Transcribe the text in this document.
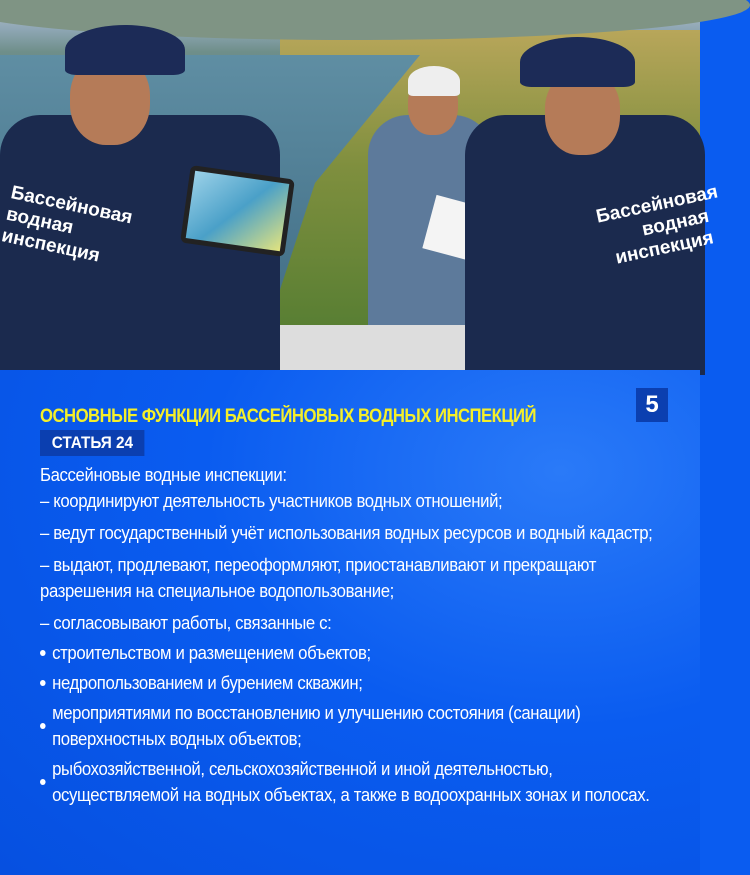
Бассейновая водная инспекция
Бассейновая водная инспекция
5
ОСНОВНЫЕ ФУНКЦИИ БАССЕЙНОВЫХ ВОДНЫХ ИНСПЕКЦИЙ
СТАТЬЯ 24
Бассейновые водные инспекции:
– координируют деятельность участников водных отношений;
– ведут государственный учёт использования водных ресурсов и водный кадастр;
– выдают, продлевают, переоформляют, приостанавливают и прекращают разрешения на специальное водопользование;
– согласовывают работы, связанные с:
строительством и размещением объектов;
недропользованием и бурением скважин;
мероприятиями по восстановлению и улучшению состояния (санации) поверхностных водных объектов;
рыбохозяйственной, сельскохозяйственной и иной деятельностью, осуществляемой на водных объектах, а также в водоохранных зонах и полосах.
